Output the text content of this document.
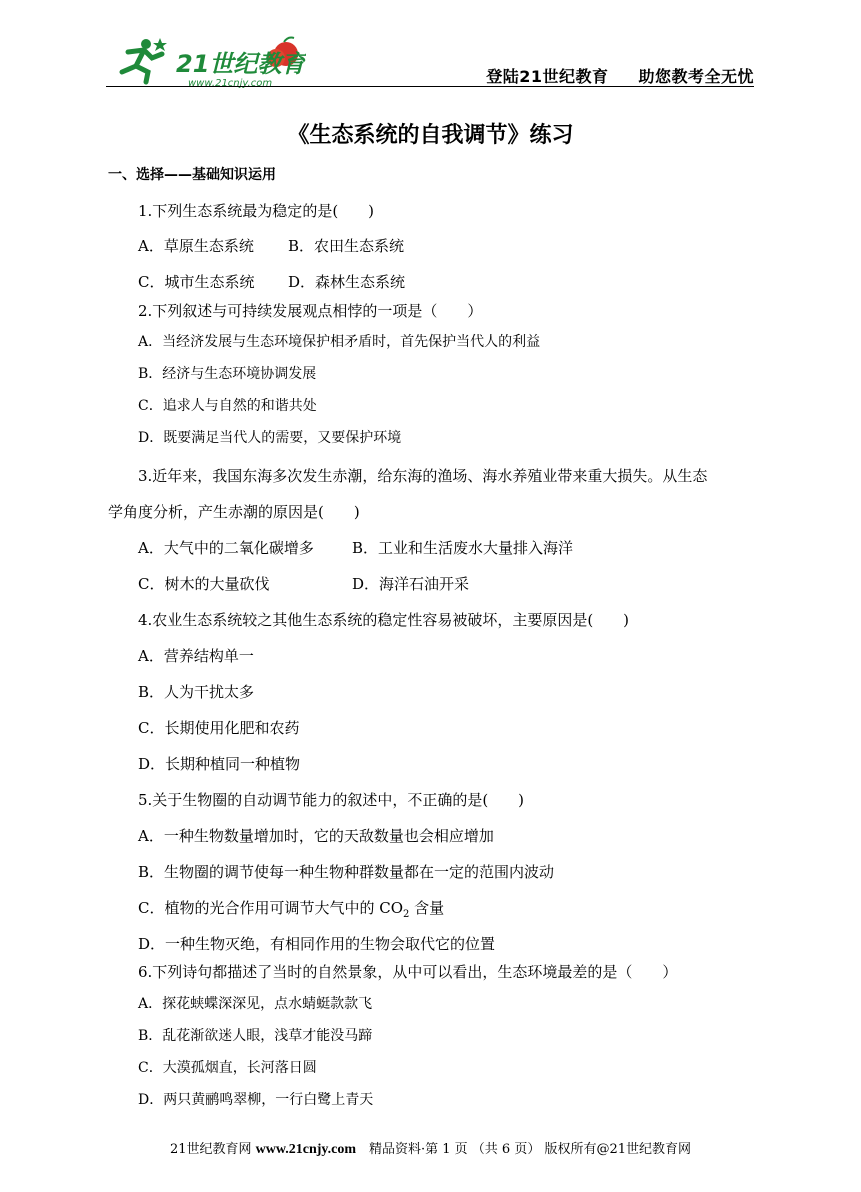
21世纪教育
www.21cnjy.com	登陆21世纪教育 助您教考全无忧
《生态系统的自我调节》练习
一、选择——基础知识运用
1.下列生态系统最为稳定的是(　　)
A．草原生态系统 B．农田生态系统
C．城市生态系统 D．森林生态系统
2.下列叙述与可持续发展观点相悖的一项是（　　）
A．当经济发展与生态环境保护相矛盾时，首先保护当代人的利益
B．经济与生态环境协调发展
C．追求人与自然的和谐共处
D．既要满足当代人的需要，又要保护环境
3.近年来，我国东海多次发生赤潮，给东海的渔场、海水养殖业带来重大损失。从生态
学角度分析，产生赤潮的原因是(　　)
A．大气中的二氧化碳增多	B．工业和生活废水大量排入海洋
C．树木的大量砍伐	D．海洋石油开采
4.农业生态系统较之其他生态系统的稳定性容易被破坏，主要原因是(　　)
A．营养结构单一
B．人为干扰太多
C．长期使用化肥和农药
D．长期种植同一种植物
5.关于生物圈的自动调节能力的叙述中，不正确的是(　　)
A．一种生物数量增加时，它的天敌数量也会相应增加
B．生物圈的调节使每一种生物种群数量都在一定的范围内波动
C．植物的光合作用可调节大气中的 $CO_2$ 含量
D．一种生物灭绝，有相同作用的生物会取代它的位置
6.下列诗句都描述了当时的自然景象，从中可以看出，生态环境最差的是（　　）
A．探花蛱蝶深深见，点水蜻蜓款款飞
B．乱花渐欲迷人眼，浅草才能没马蹄
C．大漠孤烟直，长河落日圆
D．两只黄鹂鸣翠柳，一行白鹭上青天
21世纪教育网 www.21cnjy.com　精品资料·第 1 页 （共 6 页） 版权所有@21世纪教育网
